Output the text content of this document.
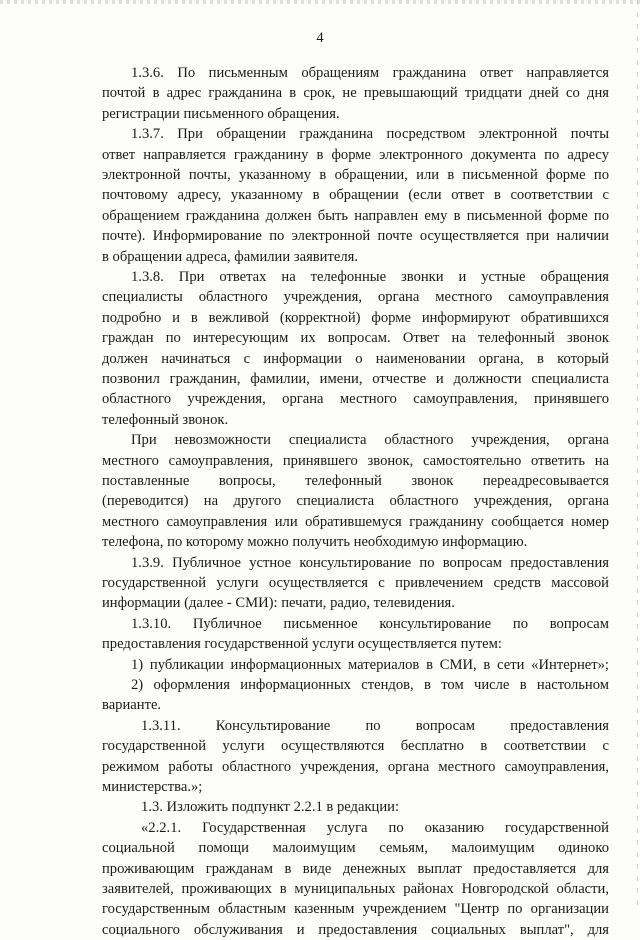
4
1.3.6. По письменным обращениям гражданина ответ направляется
почтой в адрес гражданина в срок, не превышающий тридцати дней со дня
регистрации письменного обращения.
1.3.7. При обращении гражданина посредством электронной почты
ответ направляется гражданину в форме электронного документа по адресу
электронной почты, указанному в обращении, или в письменной форме по
почтовому адресу, указанному в обращении (если ответ в соответствии с
обращением гражданина должен быть направлен ему в письменной форме по
почте). Информирование по электронной почте осуществляется при наличии
в обращении адреса, фамилии заявителя.
1.3.8. При ответах на телефонные звонки и устные обращения
специалисты областного учреждения, органа местного самоуправления
подробно и в вежливой (корректной) форме информируют обратившихся
граждан по интересующим их вопросам. Ответ на телефонный звонок
должен начинаться с информации о наименовании органа, в который
позвонил гражданин, фамилии, имени, отчестве и должности специалиста
областного учреждения, органа местного самоуправления, принявшего
телефонный звонок.
При невозможности специалиста областного учреждения, органа
местного самоуправления, принявшего звонок, самостоятельно ответить на
поставленные вопросы, телефонный звонок переадресовывается
(переводится) на другого специалиста областного учреждения, органа
местного самоуправления или обратившемуся гражданину сообщается номер
телефона, по которому можно получить необходимую информацию.
1.3.9. Публичное устное консультирование по вопросам предоставления
государственной услуги осуществляется с привлечением средств массовой
информации (далее - СМИ): печати, радио, телевидения.
1.3.10. Публичное письменное консультирование по вопросам
предоставления государственной услуги осуществляется путем:
1) публикации информационных материалов в СМИ, в сети «Интернет»;
2) оформления информационных стендов, в том числе в настольном
варианте.
1.3.11. Консультирование по вопросам предоставления
государственной услуги осуществляются бесплатно в соответствии с
режимом работы областного учреждения, органа местного самоуправления,
министерства.»;
1.3. Изложить подпункт 2.2.1 в редакции:
«2.2.1. Государственная услуга по оказанию государственной
социальной помощи малоимущим семьям, малоимущим одиноко
проживающим гражданам в виде денежных выплат предоставляется для
заявителей, проживающих в муниципальных районах Новгородской области,
государственным областным казенным учреждением "Центр по организации
социального обслуживания и предоставления социальных выплат", для
